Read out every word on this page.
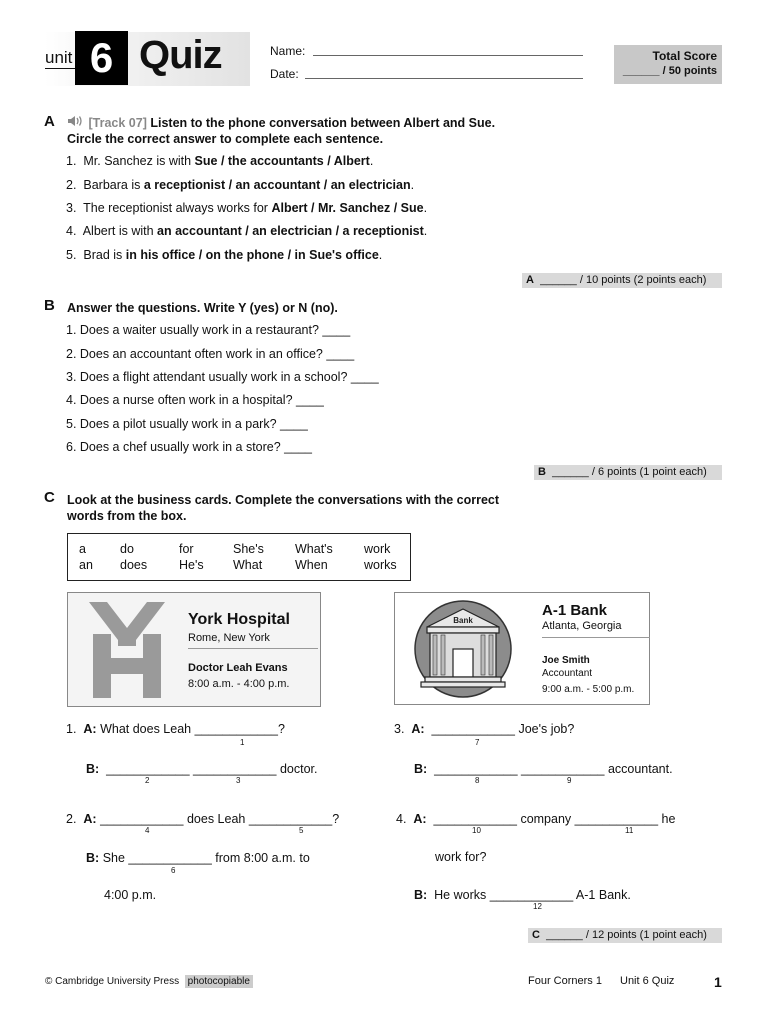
unit 6 Quiz	Name:
Date:
Total Score
______ / 50 points
A	[Track 07] Listen to the phone conversation between Albert and Sue.
Circle the correct answer to complete each sentence.
1. Mr. Sanchez is with Sue / the accountants / Albert.
2. Barbara is a receptionist / an accountant / an electrician.
3. The receptionist always works for Albert / Mr. Sanchez / Sue.
4. Albert is with an accountant / an electrician / a receptionist.
5. Brad is in his office / on the phone / in Sue's office.
A ______ / 10 points (2 points each)
B Answer the questions. Write Y (yes) or N (no).
1. Does a waiter usually work in a restaurant? ____
2. Does an accountant often work in an office? ____
3. Does a flight attendant usually work in a school? ____
4. Does a nurse often work in a hospital? ____
5. Does a pilot usually work in a park? ____
6. Does a chef usually work in a store? ____
B ______ / 6 points (1 point each)
C Look at the business cards. Complete the conversations with the correct
words from the box.
a	do	for	She's What's work
an does	He's What	When	works
York Hospital
Rome, New York
Doctor Leah Evans
8:00 a.m. - 4:00 p.m.
Bank
A-1 Bank
Atlanta, Georgia
Joe Smith
Accountant
9:00 a.m. - 5:00 p.m.
1. A: What does Leah ____________?
1
B: ____________ ____________ doctor.
2	3
2. A: ____________ does Leah ____________?
4	5
B: She ____________ from 8:00 a.m. to
6
4:00 p.m.
3. A: ____________ Joe's job?
7
B: ____________ ____________ accountant.
8	9
4. A: ____________ company ____________ he
10	11
work for?
B: He works ____________ A-1 Bank.
12
C ______ / 12 points (1 point each)
© Cambridge University Press photocopiable	Four Corners 1 Unit 6 Quiz	1
